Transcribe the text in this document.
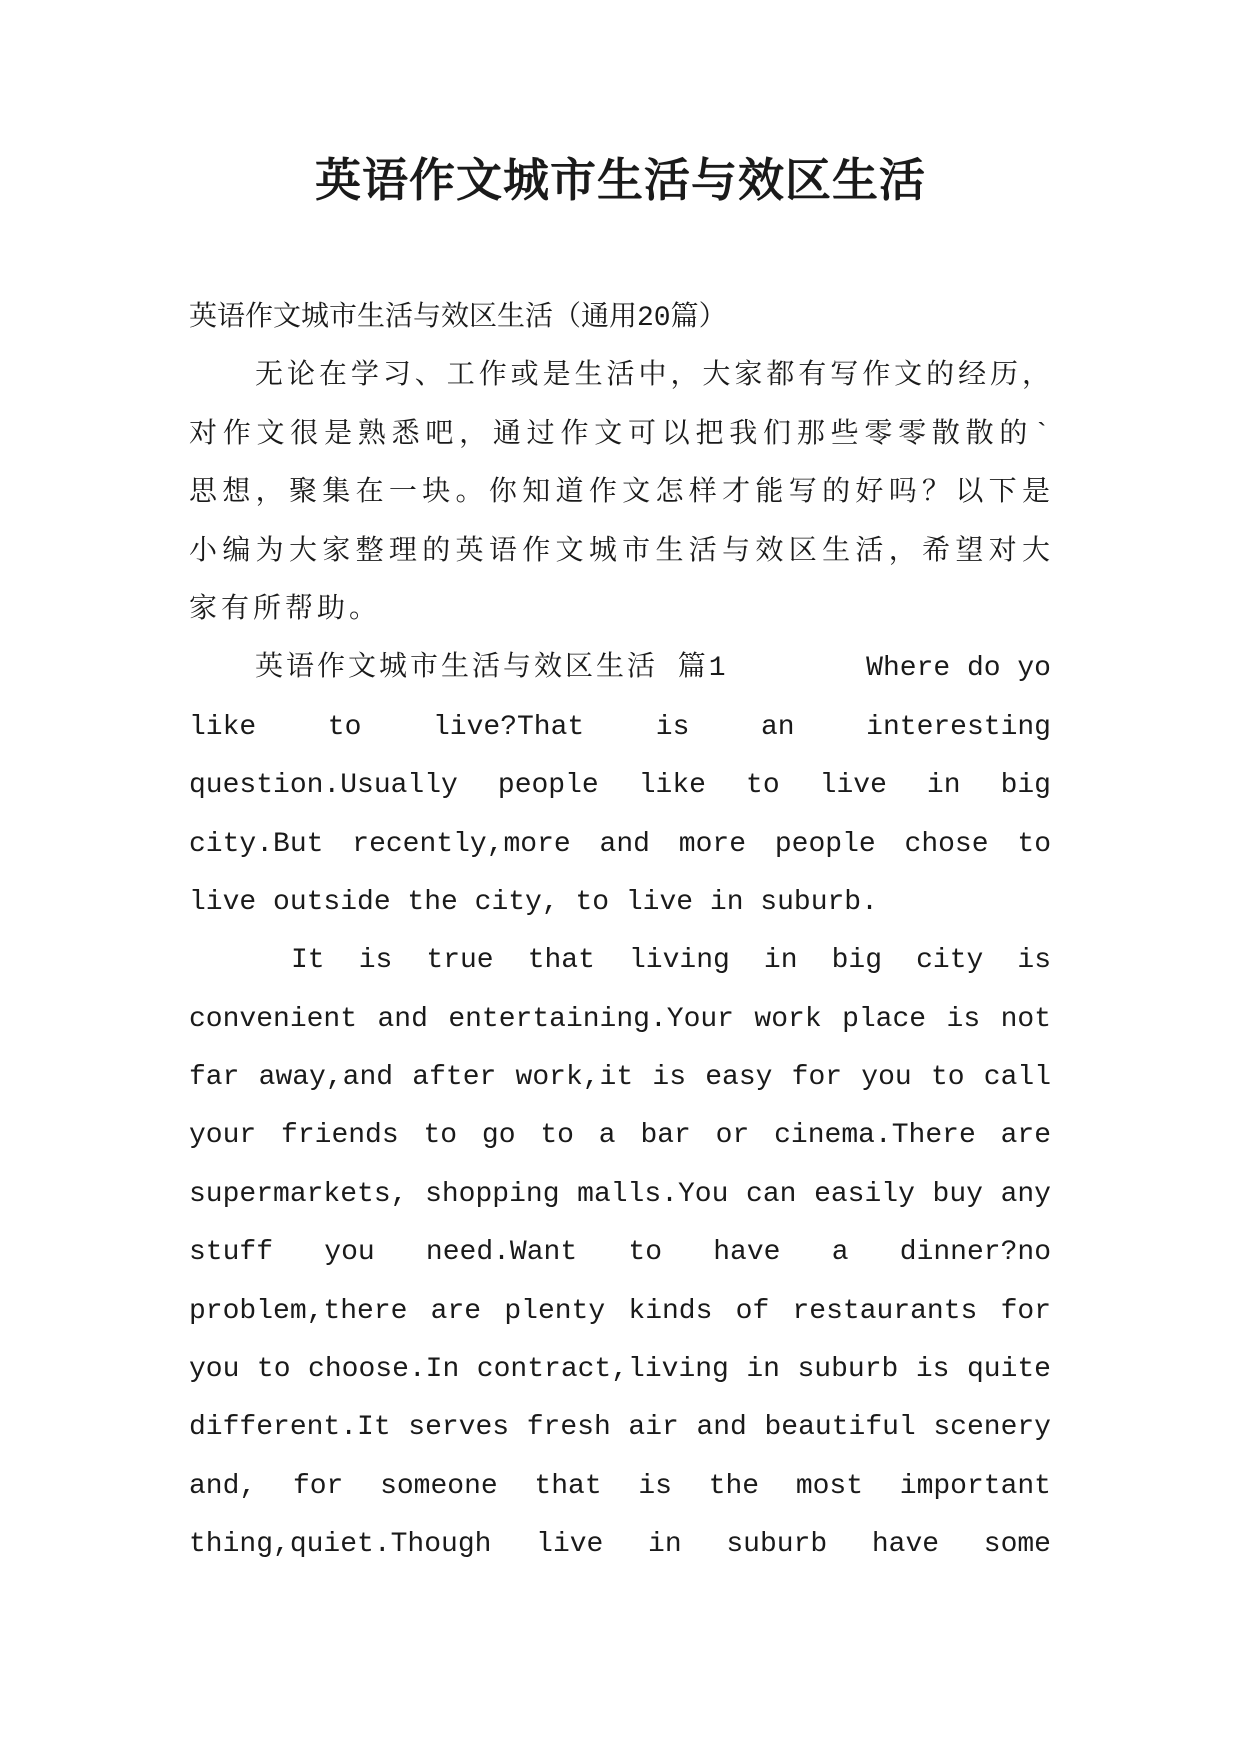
英语作文城市生活与效区生活
英语作文城市生活与效区生活（通用20篇）
无论在学习、工作或是生活中，大家都有写作文的经历，
对作文很是熟悉吧，通过作文可以把我们那些零零散散的`
思想，聚集在一块。你知道作文怎样才能写的好吗？以下是
小编为大家整理的英语作文城市生活与效区生活，希望对大
家有所帮助。
英语作文城市生活与效区生活 篇1	Where do yo
like to live?That is an interesting
question.Usually people like to live in big
city.But recently,more and more people chose to
live outside the city, to live in suburb.
It is true that living in big city is
convenient and entertaining.Your work place is not
far away,and after work,it is easy for you to call
your friends to go to a bar or cinema.There are
supermarkets, shopping malls.You can easily buy any
stuff you need.Want to have a dinner?no
problem,there are plenty kinds of restaurants for
you to choose.In contract,living in suburb is quite
different.It serves fresh air and beautiful scenery
and, for someone that is the most important
thing,quiet.Though live in suburb have some
